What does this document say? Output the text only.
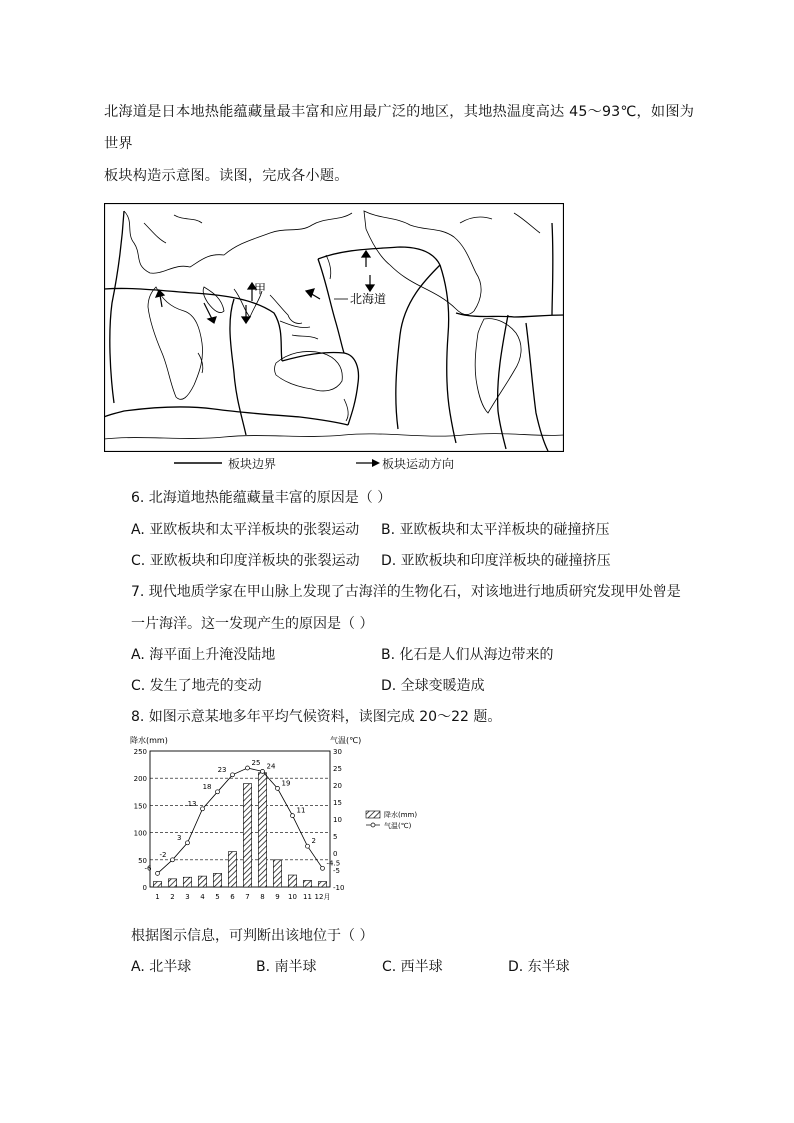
北海道是日本地热能蕴藏量最丰富和应用最广泛的地区，其地热温度高达 45～93℃，如图为世界
板块构造示意图。读图，完成各小题。
甲
北海道
板块边界	板块运动方向
6. 北海道地热能蕴藏量丰富的原因是（ ）
A. 亚欧板块和太平洋板块的张裂运动 B. 亚欧板块和太平洋板块的碰撞挤压
C. 亚欧板块和印度洋板块的张裂运动 D. 亚欧板块和印度洋板块的碰撞挤压
7. 现代地质学家在甲山脉上发现了古海洋的生物化石，对该地进行地质研究发现甲处曾是
一片海洋。这一发现产生的原因是（ ）
A. 海平面上升淹没陆地	B. 化石是人们从海边带来的
C. 发生了地壳的变动	D. 全球变暖造成
8. 如图示意某地多年平均气候资料，读图完成 20～22 题。
降水(mm)	气温(℃)
250
200
150
100
50
0
30
25
20
15
10
5
0
-5
-10
-6
-2
3
13
18
23
25 24
19
11
2
-4.5
1 2 3 4 5 6 7 8 9 10 11 12月
降水(mm)
气温(℃)
根据图示信息，可判断出该地位于（ ）
A. 北半球	B. 南半球	C. 西半球	D. 东半球
